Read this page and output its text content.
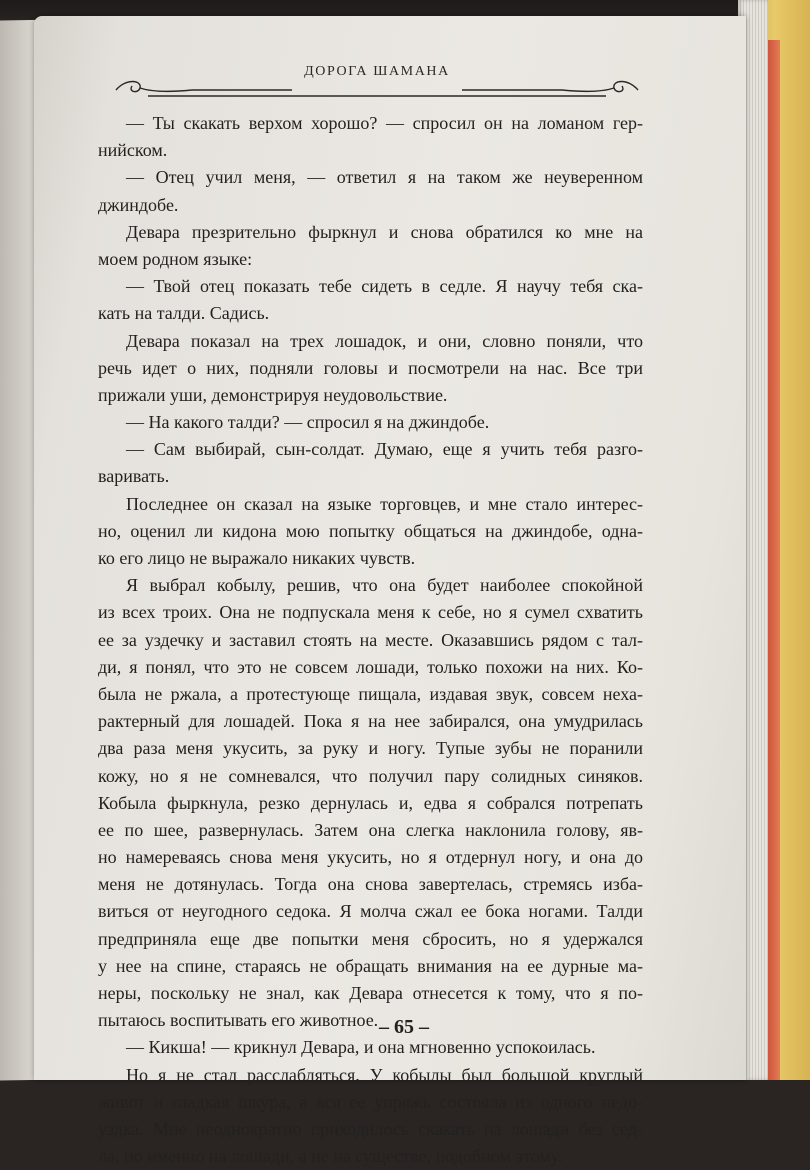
ДОРОГА ШАМАНА
— Ты скакать верхом хорошо? — спросил он на ломаном гер-
нийском.
— Отец учил меня, — ответил я на таком же неуверенном
джиндобе.
Девара презрительно фыркнул и снова обратился ко мне на
моем родном языке:
— Твой отец показать тебе сидеть в седле. Я научу тебя ска-
кать на талди. Садись.
Девара показал на трех лошадок, и они, словно поняли, что
речь идет о них, подняли головы и посмотрели на нас. Все три
прижали уши, демонстрируя неудовольствие.
— На какого талди? — спросил я на джиндобе.
— Сам выбирай, сын-солдат. Думаю, еще я учить тебя разго-
варивать.
Последнее он сказал на языке торговцев, и мне стало интерес-
но, оценил ли кидона мою попытку общаться на джиндобе, одна-
ко его лицо не выражало никаких чувств.
Я выбрал кобылу, решив, что она будет наиболее спокойной
из всех троих. Она не подпускала меня к себе, но я сумел схватить
ее за уздечку и заставил стоять на месте. Оказавшись рядом с тал-
ди, я понял, что это не совсем лошади, только похожи на них. Ко-
была не ржала, а протестующе пищала, издавая звук, совсем неха-
рактерный для лошадей. Пока я на нее забирался, она умудрилась
два раза меня укусить, за руку и ногу. Тупые зубы не поранили
кожу, но я не сомневался, что получил пару солидных синяков.
Кобыла фыркнула, резко дернулась и, едва я собрался потрепать
ее по шее, развернулась. Затем она слегка наклонила голову, яв-
но намереваясь снова меня укусить, но я отдернул ногу, и она до
меня не дотянулась. Тогда она снова завертелась, стремясь изба-
виться от неугодного седока. Я молча сжал ее бока ногами. Талди
предприняла еще две попытки меня сбросить, но я удержался
у нее на спине, стараясь не обращать внимания на ее дурные ма-
неры, поскольку не знал, как Девара отнесется к тому, что я по-
пытаюсь воспитывать его животное.
— Кикша! — крикнул Девара, и она мгновенно успокоилась.
Но я не стал расслабляться. У кобылы был большой круглый
живот и гладкая шкура, а вся ее упряжь состояла из одного недо-
уздка. Мне неоднократно приходилось скакать на лошади без сед-
ла, но именно на лошади, а не на существе, подобном этому.
– 65 –
